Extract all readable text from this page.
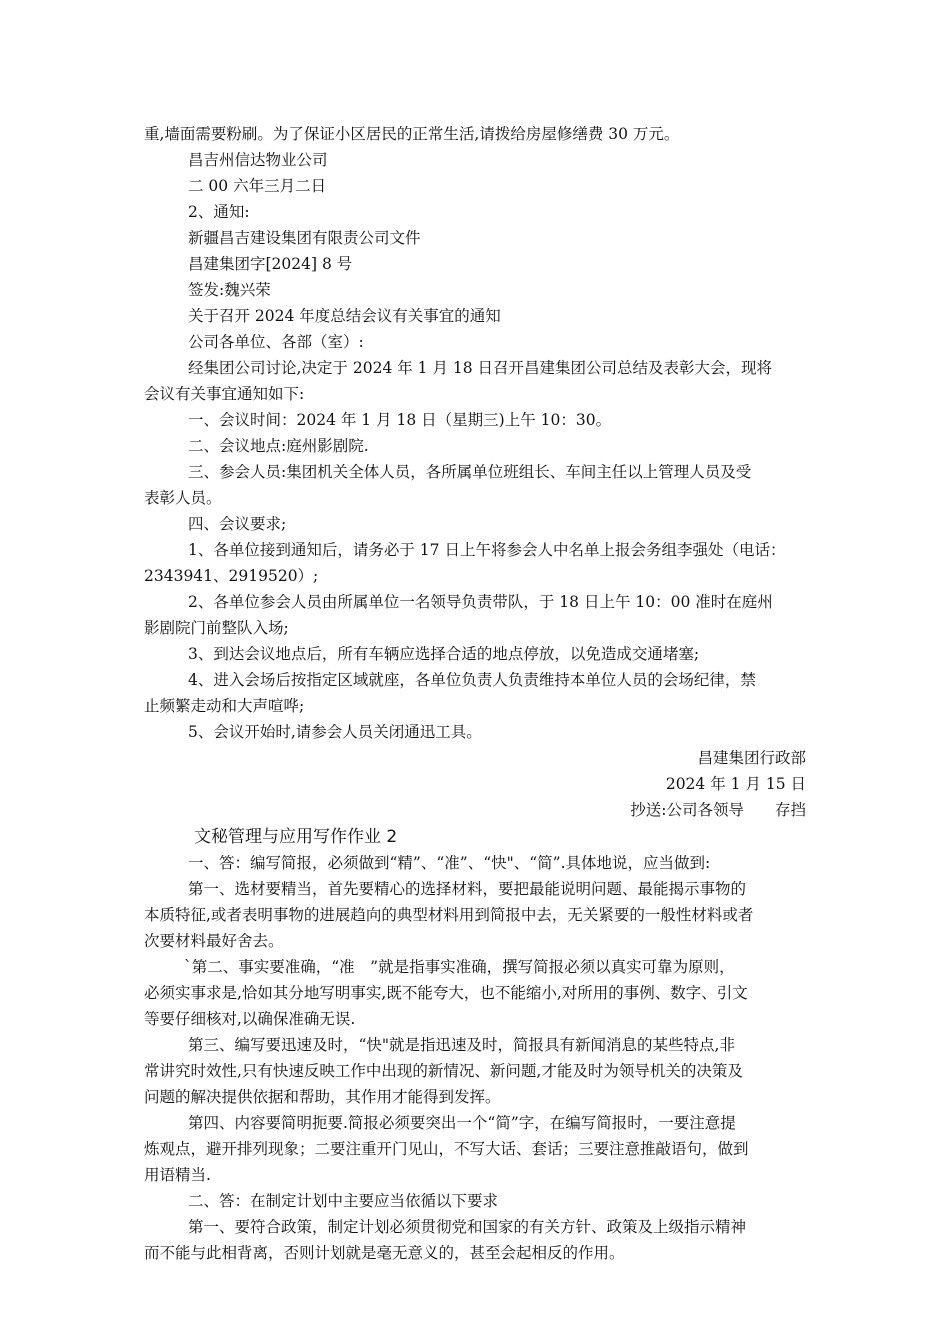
重,墙面需要粉刷。为了保证小区居民的正常生活,请拨给房屋修缮费 30 万元。
昌吉州信达物业公司
二 00 六年三月二日
2、通知:
新疆昌吉建设集团有限责公司文件
昌建集团字[2024] 8 号
签发:魏兴荣
关于召开 2024 年度总结会议有关事宜的通知
公司各单位、各部（室）:
经集团公司讨论,决定于 2024 年 1 月 18 日召开昌建集团公司总结及表彰大会，现将
会议有关事宜通知如下:
一、会议时间：2024 年 1 月 18 日（星期三)上午 10：30。
二、会议地点:庭州影剧院.
三、参会人员:集团机关全体人员，各所属单位班组长、车间主任以上管理人员及受
表彰人员。
四、会议要求;
1、各单位接到通知后，请务必于 17 日上午将参会人中名单上报会务组李强处（电话：
2343941、2919520）;
2、各单位参会人员由所属单位一名领导负责带队，于 18 日上午 10：00 准时在庭州
影剧院门前整队入场;
3、到达会议地点后，所有车辆应选择合适的地点停放，以免造成交通堵塞;
4、进入会场后按指定区域就座，各单位负责人负责维持本单位人员的会场纪律，禁
止频繁走动和大声喧哗;
5、会议开始时,请参会人员关闭通迅工具。
昌建集团行政部
2024 年 1 月 15 日
抄送:公司各领导　　存挡
文秘管理与应用写作作业 2
一、答：编写简报，必须做到“精”、“准”、“快"、“简”.具体地说，应当做到:
第一、选材要精当，首先要精心的选择材料，要把最能说明问题、最能揭示事物的
本质特征,或者表明事物的进展趋向的典型材料用到简报中去，无关紧要的一般性材料或者
次要材料最好舍去。
`第二、事实要准确，“准　”就是指事实准确，撰写简报必须以真实可靠为原则，
必须实事求是,恰如其分地写明事实,既不能夸大，也不能缩小,对所用的事例、数字、引文
等要仔细核对,以确保准确无误.
第三、编写要迅速及时，“快"就是指迅速及时，简报具有新闻消息的某些特点,非
常讲究时效性,只有快速反映工作中出现的新情况、新问题,才能及时为领导机关的决策及
问题的解决提供依据和帮助，其作用才能得到发挥。
第四、内容要简明扼要.简报必须要突出一个“简”字，在编写简报时，一要注意提
炼观点，避开排列现象；二要注重开门见山，不写大话、套话；三要注意推敲语句，做到
用语精当.
二、答：在制定计划中主要应当依循以下要求
第一、要符合政策，制定计划必须贯彻党和国家的有关方针、政策及上级指示精神
而不能与此相背离，否则计划就是毫无意义的，甚至会起相反的作用。
